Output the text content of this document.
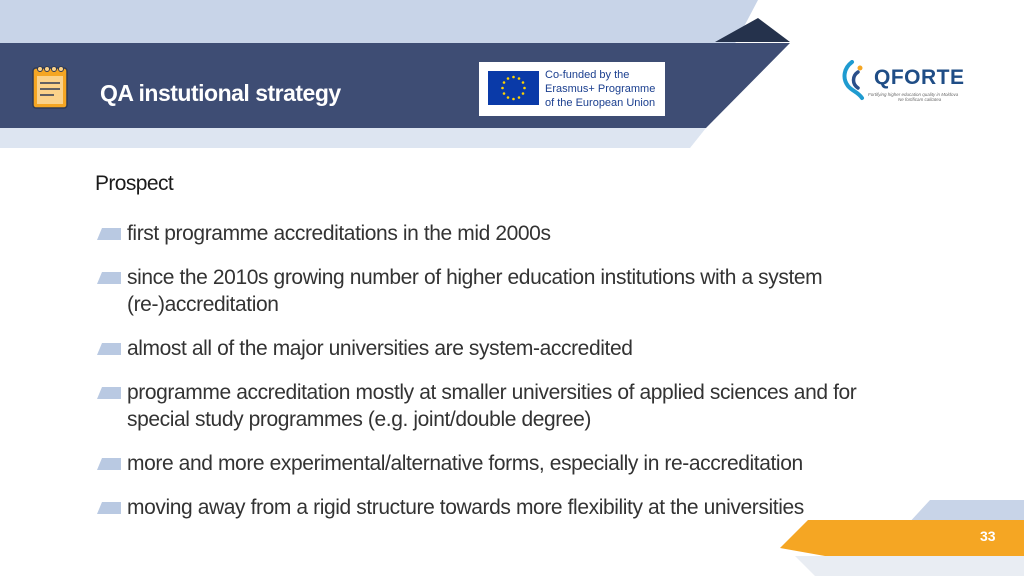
QA instutional strategy
Co-funded by the
Erasmus+ Programme
of the European Union
QFORTE
Fortifying higher education quality in Moldova
Ne fortificam calitatea
Prospect
first programme accreditations in the mid 2000s
since the 2010s growing number of higher education institutions with a system (re-)accreditation
almost all of the major universities are system-accredited
programme accreditation mostly at smaller universities of applied sciences and for special study programmes (e.g. joint/double degree)
more and more experimental/alternative forms, especially in re-accreditation
moving away from a rigid structure towards more flexibility at the universities
33
